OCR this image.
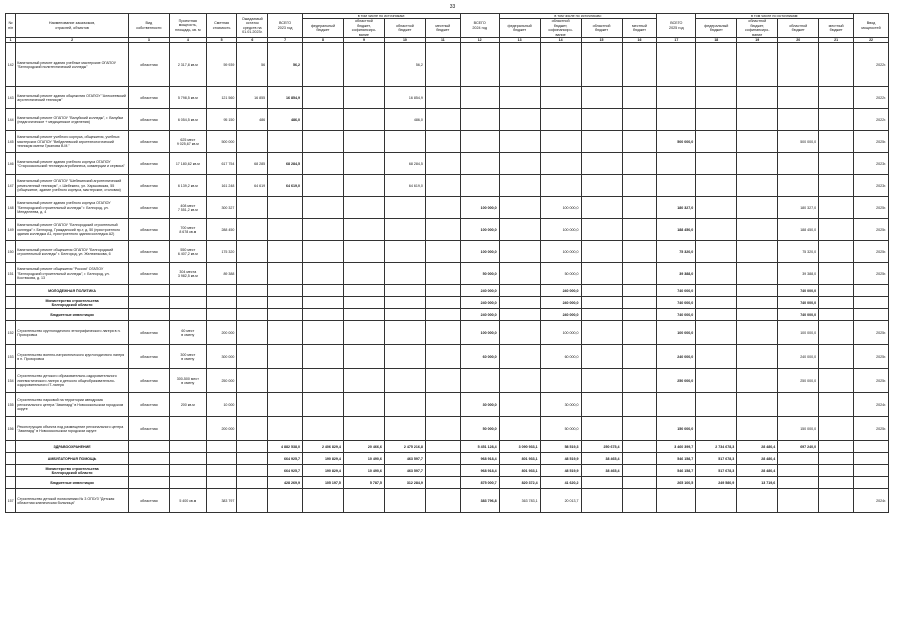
33
№
п/п	Наименование заказчиков,
отраслей, объектов	Вид
собственности	Проектная
мощность,
площадь, кв. м	Сметная
стоимость	Ожидаемый
остаток
средств на
01.01.2023г.	ВСЕГО
2023 год	в том числе по источникам:				ВСЕГО
2024 год	в том числе по источникам:				ВСЕГО
2025 год	в том числе по источникам:				Ввод
мощностей
							федеральный
бюджет	областной
бюджет,
софинансиро-
вание	областной
бюджет	местный
бюджет		федеральный
бюджет	областной
бюджет,
софинансиро-
вание	областной
бюджет	местный
бюджет		федеральный
бюджет	областной
бюджет,
софинансиро-
вание	областной
бюджет	местный
бюджет	
1	2	3	4	5	6	7	8	9	10	11	12	13	14	15	16	17	18	19	20	21	22
142	Капитальный ремонт здания учебные мастерские ОГАПОУ "Белгородский политехнический колледж"	областная	2 317,8 кв.м	59 939	56	56,2			56,2												2022г.
143	Капитальный ремонт здания общежития ОГАПОУ "Алексеевский агротехнический техникум"	областная	5 798,5 кв.м	121 560	16 855	16 854,9			16 854,9												2022г.
144	Капитальный ремонт ОГАПОУ "Валуйский колледж", г. Валуйки (педагогическое + медицинское отделения)	областная	6 054,5 кв.м	95 150	486	486,0			486,0												2022г.
145	Капитальный ремонт учебного корпуса, общежития, учебных мастерских ОГАПОУ "Вейделевский агротехнологический техникум имени Грязнова В.М."	областная	625 мест
9 025,67 кв.м	500 000												500 000,0			500 000,0		2025г.
146	Капитальный ремонт здания учебного корпуса ОГАПОУ "Старооскольский техникум агробизнеса, коммерции и сервиса"	областная	17 180,62 кв.м	617 754	68 285	68 284,5			68 284,5												2023г.
147	Капитальный ремонт ОГАПОУ "Шебекинский агротехнический ремесленный техникум", г. Шебекино, ул. Харьковская, 55 (общежитие, здание учебного корпуса, мастерские, столовая)	областная	6 139,2 кв.м	161 248	64 619	64 619,0			64 619,0												2023г.
148	Капитальный ремонт здания учебного корпуса ОГАПОУ "Белгородский строительный колледж" г. Белгород, ул. Менделеева, д. 4	областная	408 мест
7 551,2 кв.м	300 327							100 000,0		100 000,0			180 327,0			180 327,0		2025г.
149	Капитальный ремонт ОГАПОУ "Белгородский строительный колледж" г. Белгород, Гражданский пр-т, д. 50 (пристроенного здания колледжа А1, пристроенного здания колледжа А2)	областная	700 мест
8 678 кв.м	288 450							100 000,0		100 000,0			188 450,0			188 450,0		2025г.
150	Капитальный ремонт общежития ОГАПОУ "Белгородский строительный колледж" г. Белгород, ул. Железнякова, 6	областная	550 мест
6 407,2 кв.м	175 320							100 000,0		100 000,0			75 320,0			75 320,0		2025г.
151	Капитальный ремонт общежития "Россия" ОГАПОУ "Белгородский строительный колледж", г. Белгород, ул. Костюкова, д. 13	областная	304 места
3 982,5 кв.м	89 388							50 000,0		50 000,0			39 388,0			39 388,0		2025г.
	МОЛОДЕЖНАЯ ПОЛИТИКА										240 000,0		240 000,0			740 000,0			740 000,0		
	Министерство строительства
Белгородской области										240 000,0		240 000,0			740 000,0			740 000,0		
	Бюджетные инвестиции										240 000,0		240 000,0			740 000,0			740 000,0		
152	Строительство круглогодичного этнографического лагеря в п. Прохоровка	областная	60 мест
в смену	200 000							100 000,0		100 000,0			100 000,0			100 000,0		2025г.
153	Строительство военно-патриотического круглогодичного лагеря в п. Прохоровка	областная	300 мест
в смену	300 000							60 000,0		60 000,0			240 000,0			240 000,0		2025г.
154	Строительство детского образовательно-оздоровительного лингвистического лагеря и детского общеобразовательно-оздоровительного IT-лагеря	областная	300-500 мест
в смену	250 000												250 000,0			250 000,0		2025г.
155	Строительство парковой на территории автодрома регионального центра "Авангард" в Новооскольском городском округе	областная	200 кв.м	10 000							30 000,0		30 000,0								2024г.
156	Реконструкция объекта под размещение регионального центра "Авангард" в Новооскольском городском округе	областная		200 000							50 000,0		50 000,0			150 000,0			150 000,0		2025г.
	ЗДРАВООХРАНЕНИЕ					4 882 538,0	2 406 829,4	20 466,6	2 475 216,8		5 451 128,4	3 090 933,1	58 519,3	250 675,4		3 460 399,7	2 734 678,3	28 480,4	697 240,0		
	АМБУЛАТОРНАЯ ПОМОЩЬ					664 925,7	190 829,4	10 490,6	463 597,7		968 918,4	801 933,1	48 519,9	38 465,4		546 158,7	517 678,3	28 480,4			
	Министерство строительства
Белгородской области					664 925,7	190 829,4	10 490,6	463 597,7		968 918,4	801 933,1	48 519,9	38 465,4		546 158,7	517 678,3	28 480,4			
	Бюджетные инвестиции					428 269,9	105 197,5	5 787,5	312 284,9		875 000,7	820 372,4	41 620,2			265 100,5	249 580,9	13 719,6			
157	Строительство детской поликлиники № 3 ОГБУЗ "Детская областная клиническая больница"	областная	5 400 кв.м	383 797							383 796,8	363 783,1	20 013,7								2024г.
